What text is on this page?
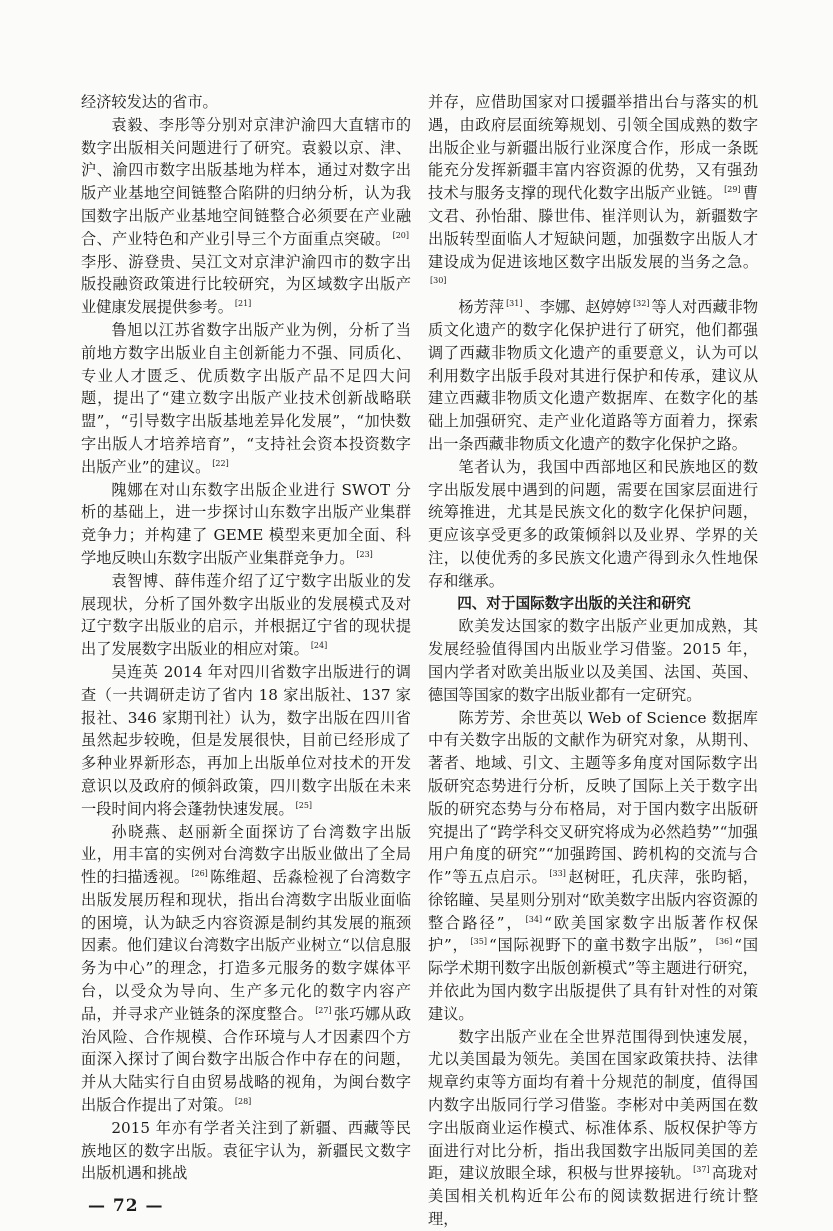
经济较发达的省市。

袁毅、李彤等分别对京津沪渝四大直辖市的数字出版相关问题进行了研究。袁毅以京、津、沪、渝四市数字出版基地为样本，通过对数字出版产业基地空间链整合陷阱的归纳分析，认为我国数字出版产业基地空间链整合必须要在产业融合、产业特色和产业引导三个方面重点突破。 [20]李彤、游登贵、吴江文对京津沪渝四市的数字出版投融资政策进行比较研究，为区域数字出版产业健康发展提供参考。 [21]

鲁旭以江苏省数字出版产业为例，分析了当前地方数字出版业自主创新能力不强、同质化、专业人才匮乏、优质数字出版产品不足四大问题，提出了“建立数字出版产业技术创新战略联盟”，“引导数字出版基地差异化发展”，“加快数字出版人才培养培育”，“支持社会资本投资数字出版产业”的建议。 [22]

隗娜在对山东数字出版企业进行 SWOT 分析的基础上，进一步探讨山东数字出版产业集群竞争力；并构建了 GEME 模型来更加全面、科学地反映山东数字出版产业集群竞争力。 [23]

袁智博、薛伟莲介绍了辽宁数字出版业的发展现状，分析了国外数字出版业的发展模式及对辽宁数字出版业的启示，并根据辽宁省的现状提出了发展数字出版业的相应对策。 [24]

吴连英 2014 年对四川省数字出版进行的调查（一共调研走访了省内 18 家出版社、137 家报社、346 家期刊社）认为，数字出版在四川省虽然起步较晚，但是发展很快，目前已经形成了多种业界新形态，再加上出版单位对技术的开发意识以及政府的倾斜政策，四川数字出版在未来一段时间内将会蓬勃快速发展。 [25]

孙晓燕、赵丽新全面探访了台湾数字出版业，用丰富的实例对台湾数字出版业做出了全局性的扫描透视。 [26] 陈维超、岳淼检视了台湾数字出版发展历程和现状，指出台湾数字出版业面临的困境，认为缺乏内容资源是制约其发展的瓶颈因素。他们建议台湾数字出版产业树立“以信息服务为中心”的理念，打造多元服务的数字媒体平台，以受众为导向、生产多元化的数字内容产品，并寻求产业链条的深度整合。 [27] 张巧娜从政治风险、合作规模、合作环境与人才因素四个方面深入探讨了闽台数字出版合作中存在的问题，并从大陆实行自由贸易战略的视角，为闽台数字出版合作提出了对策。 [28]

2015 年亦有学者关注到了新疆、西藏等民族地区的数字出版。袁征宇认为，新疆民文数字出版机遇和挑战

— 72 —

并存，应借助国家对口援疆举措出台与落实的机遇，由政府层面统筹规划、引领全国成熟的数字出版企业与新疆出版行业深度合作，形成一条既能充分发挥新疆丰富内容资源的优势，又有强劲技术与服务支撑的现代化数字出版产业链。 [29] 曹文君、孙怡甜、滕世伟、崔洋则认为，新疆数字出版转型面临人才短缺问题，加强数字出版人才建设成为促进该地区数字出版发展的当务之急。[30]

杨芳萍 [31] 、李娜、赵婷婷 [32] 等人对西藏非物质文化遗产的数字化保护进行了研究，他们都强调了西藏非物质文化遗产的重要意义，认为可以利用数字出版手段对其进行保护和传承，建议从建立西藏非物质文化遗产数据库、在数字化的基础上加强研究、走产业化道路等方面着力，探索出一条西藏非物质文化遗产的数字化保护之路。

笔者认为，我国中西部地区和民族地区的数字出版发展中遇到的问题，需要在国家层面进行统筹推进，尤其是民族文化的数字化保护问题，更应该享受更多的政策倾斜以及业界、学界的关注，以使优秀的多民族文化遗产得到永久性地保存和继承。

四、对于国际数字出版的关注和研究

欧美发达国家的数字出版产业更加成熟，其发展经验值得国内出版业学习借鉴。2015 年，国内学者对欧美出版业以及美国、法国、英国、德国等国家的数字出版业都有一定研究。

陈芳芳、余世英以 Web of Science 数据库中有关数字出版的文献作为研究对象，从期刊、著者、地域、引文、主题等多角度对国际数字出版研究态势进行分析，反映了国际上关于数字出版的研究态势与分布格局，对于国内数字出版研究提出了“跨学科交叉研究将成为必然趋势”“加强用户角度的研究”“加强跨国、跨机构的交流与合作”等五点启示。 [33] 赵树旺，孔庆萍，张昀韬，徐铭瞳、吴星则分别对“欧美数字出版内容资源的整合路径”， [34] “欧美国家数字出版著作权保护”， [35] “国际视野下的童书数字出版”， [36] “国际学术期刊数字出版创新模式”等主题进行研究，并依此为国内数字出版提供了具有针对性的对策建议。

数字出版产业在全世界范围得到快速发展，尤以美国最为领先。美国在国家政策扶持、法律规章约束等方面均有着十分规范的制度，值得国内数字出版同行学习借鉴。李彬对中美两国在数字出版商业运作模式、标准体系、版权保护等方面进行对比分析，指出我国数字出版同美国的差距，建议放眼全球，积极与世界接轨。 [37] 高珑对美国相关机构近年公布的阅读数据进行统计整理，
